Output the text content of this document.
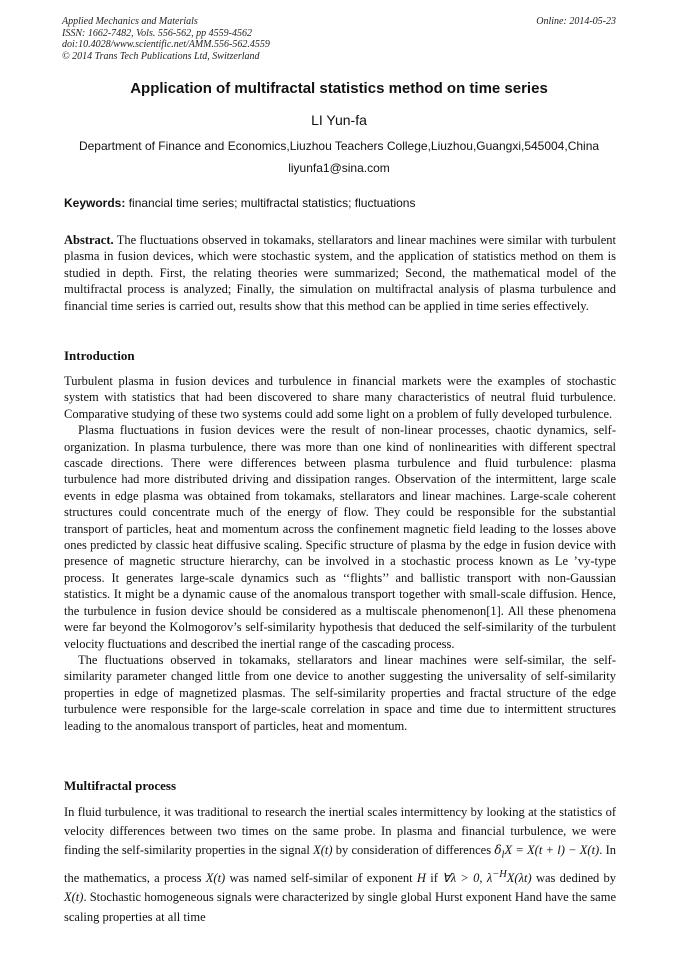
Applied Mechanics and Materials
ISSN: 1662-7482, Vols. 556-562, pp 4559-4562
doi:10.4028/www.scientific.net/AMM.556-562.4559
© 2014 Trans Tech Publications Ltd, Switzerland
Online: 2014-05-23
Application of multifractal statistics method on time series
LI Yun-fa
Department of Finance and Economics,Liuzhou Teachers College,Liuzhou,Guangxi,545004,China
liyunfa1@sina.com
Keywords: financial time series; multifractal statistics; fluctuations

Abstract. The fluctuations observed in tokamaks, stellarators and linear machines were similar with turbulent plasma in fusion devices, which were stochastic system, and the application of statistics method on them is studied in depth. First, the relating theories were summarized; Second, the mathematical model of the multifractal process is analyzed; Finally, the simulation on multifractal analysis of plasma turbulence and financial time series is carried out, results show that this method can be applied in time series effectively.

Introduction

Turbulent plasma in fusion devices and turbulence in financial markets were the examples of stochastic system with statistics that had been discovered to share many characteristics of neutral fluid turbulence. Comparative studying of these two systems could add some light on a problem of fully developed turbulence.

Plasma fluctuations in fusion devices were the result of non-linear processes, chaotic dynamics, self-organization. In plasma turbulence, there was more than one kind of nonlinearities with different spectral cascade directions. There were differences between plasma turbulence and fluid turbulence: plasma turbulence had more distributed driving and dissipation ranges. Observation of the intermittent, large scale events in edge plasma was obtained from tokamaks, stellarators and linear machines. Large-scale coherent structures could concentrate much of the energy of flow. They could be responsible for the substantial transport of particles, heat and momentum across the confinement magnetic field leading to the losses above ones predicted by classic heat diffusive scaling. Specific structure of plasma by the edge in fusion device with presence of magnetic structure hierarchy, can be involved in a stochastic process known as Le ’vy-type process. It generates large-scale dynamics such as ‘‘flights’’ and ballistic transport with non-Gaussian statistics. It might be a dynamic cause of the anomalous transport together with small-scale diffusion. Hence, the turbulence in fusion device should be considered as a multiscale phenomenon[1]. All these phenomena were far beyond the Kolmogorov’s self-similarity hypothesis that deduced the self-similarity of the turbulent velocity fluctuations and described the inertial range of the cascading process.

The fluctuations observed in tokamaks, stellarators and linear machines were self-similar, the self-similarity parameter changed little from one device to another suggesting the universality of self-similarity properties in edge of magnetized plasmas. The self-similarity properties and fractal structure of the edge turbulence were responsible for the large-scale correlation in space and time due to intermittent structures leading to the anomalous transport of particles, heat and momentum.

Multifractal process

In fluid turbulence, it was traditional to research the inertial scales intermittency by looking at the statistics of velocity differences between two times on the same probe. In plasma and financial turbulence, we were finding the self-similarity properties in the signal X(t) by consideration of differences $\delta_lX = X(t + l) - X(t)$. In the mathematics, a process X(t) was named self-similar of exponent H if ∀λ > 0, $\lambda^{-H}X(\lambda t)$ was dedined by X(t). Stochastic homogeneous signals were characterized by single global Hurst exponent Hand have the same scaling properties at all time
